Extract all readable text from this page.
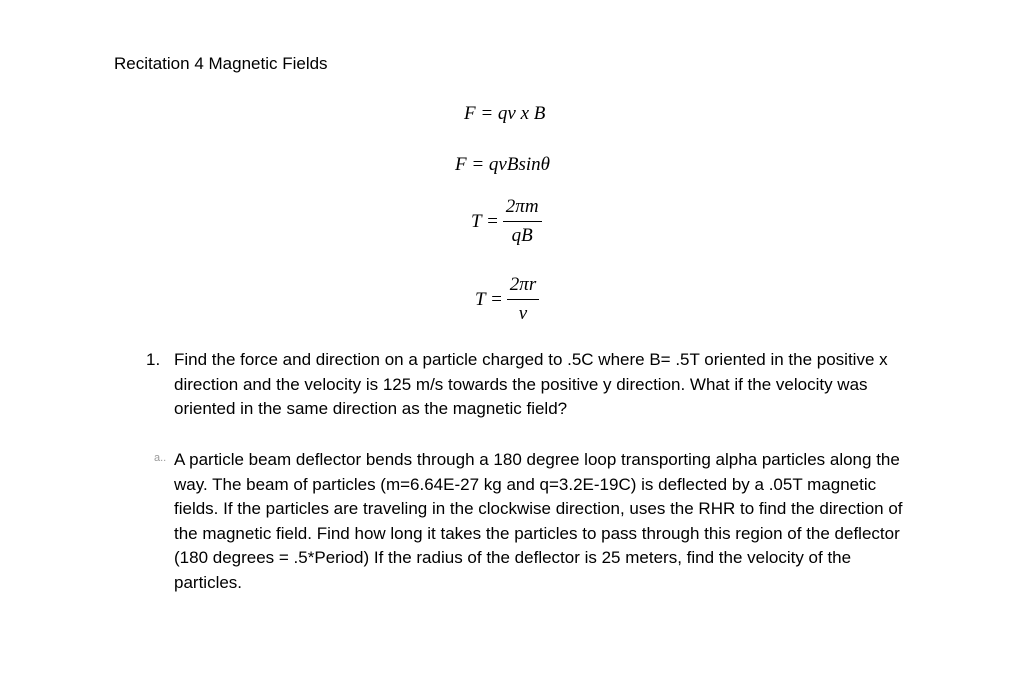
Recitation 4 Magnetic Fields
F = qv x B
F = qvBsinθ
$T = \frac{2\pi m}{qB}$
$T = \frac{2\pi r}{v}$
1. Find the force and direction on a particle charged to .5C where B= .5T oriented in the positive x direction and the velocity is 125 m/s towards the positive y direction. What if the velocity was oriented in the same direction as the magnetic field?
a.. A particle beam deflector bends through a 180 degree loop transporting alpha particles along the way. The beam of particles (m=6.64E-27 kg and q=3.2E-19C) is deflected by a .05T magnetic fields. If the particles are traveling in the clockwise direction, uses the RHR to find the direction of the magnetic field. Find how long it takes the particles to pass through this region of the deflector (180 degrees = .5*Period) If the radius of the deflector is 25 meters, find the velocity of the particles.
